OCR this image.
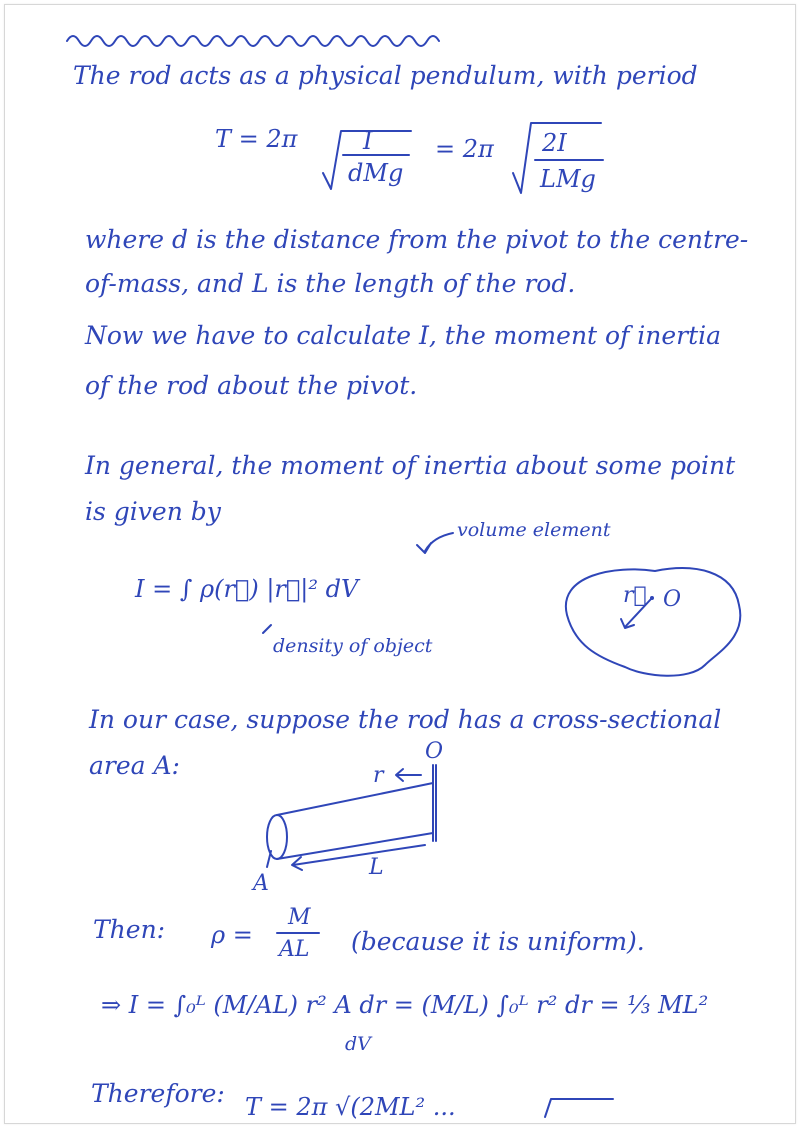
The rod acts as a physical pendulum, with period
T = 2π	I
dMg
= 2π 2I
LMg
where d is the distance from the pivot to the centre-
of-mass, and L is the length of the rod.
Now we have to calculate I, the moment of inertia
of the rod about the pivot.
In general, the moment of inertia about some point
is given by
I = ∫ ρ(r⃗) |r⃗|² dV
volume element
density of object
r⃗ O
In our case, suppose the rod has a cross-sectional
area A:	O
r
L
A
Then: ρ =
M
AL (because it is uniform).
⇒ I = ∫₀ᴸ (M/AL) r² A dr = (M/L) ∫₀ᴸ r² dr = ⅓ ML²
dV
Therefore: T = 2π √(2ML² ...
